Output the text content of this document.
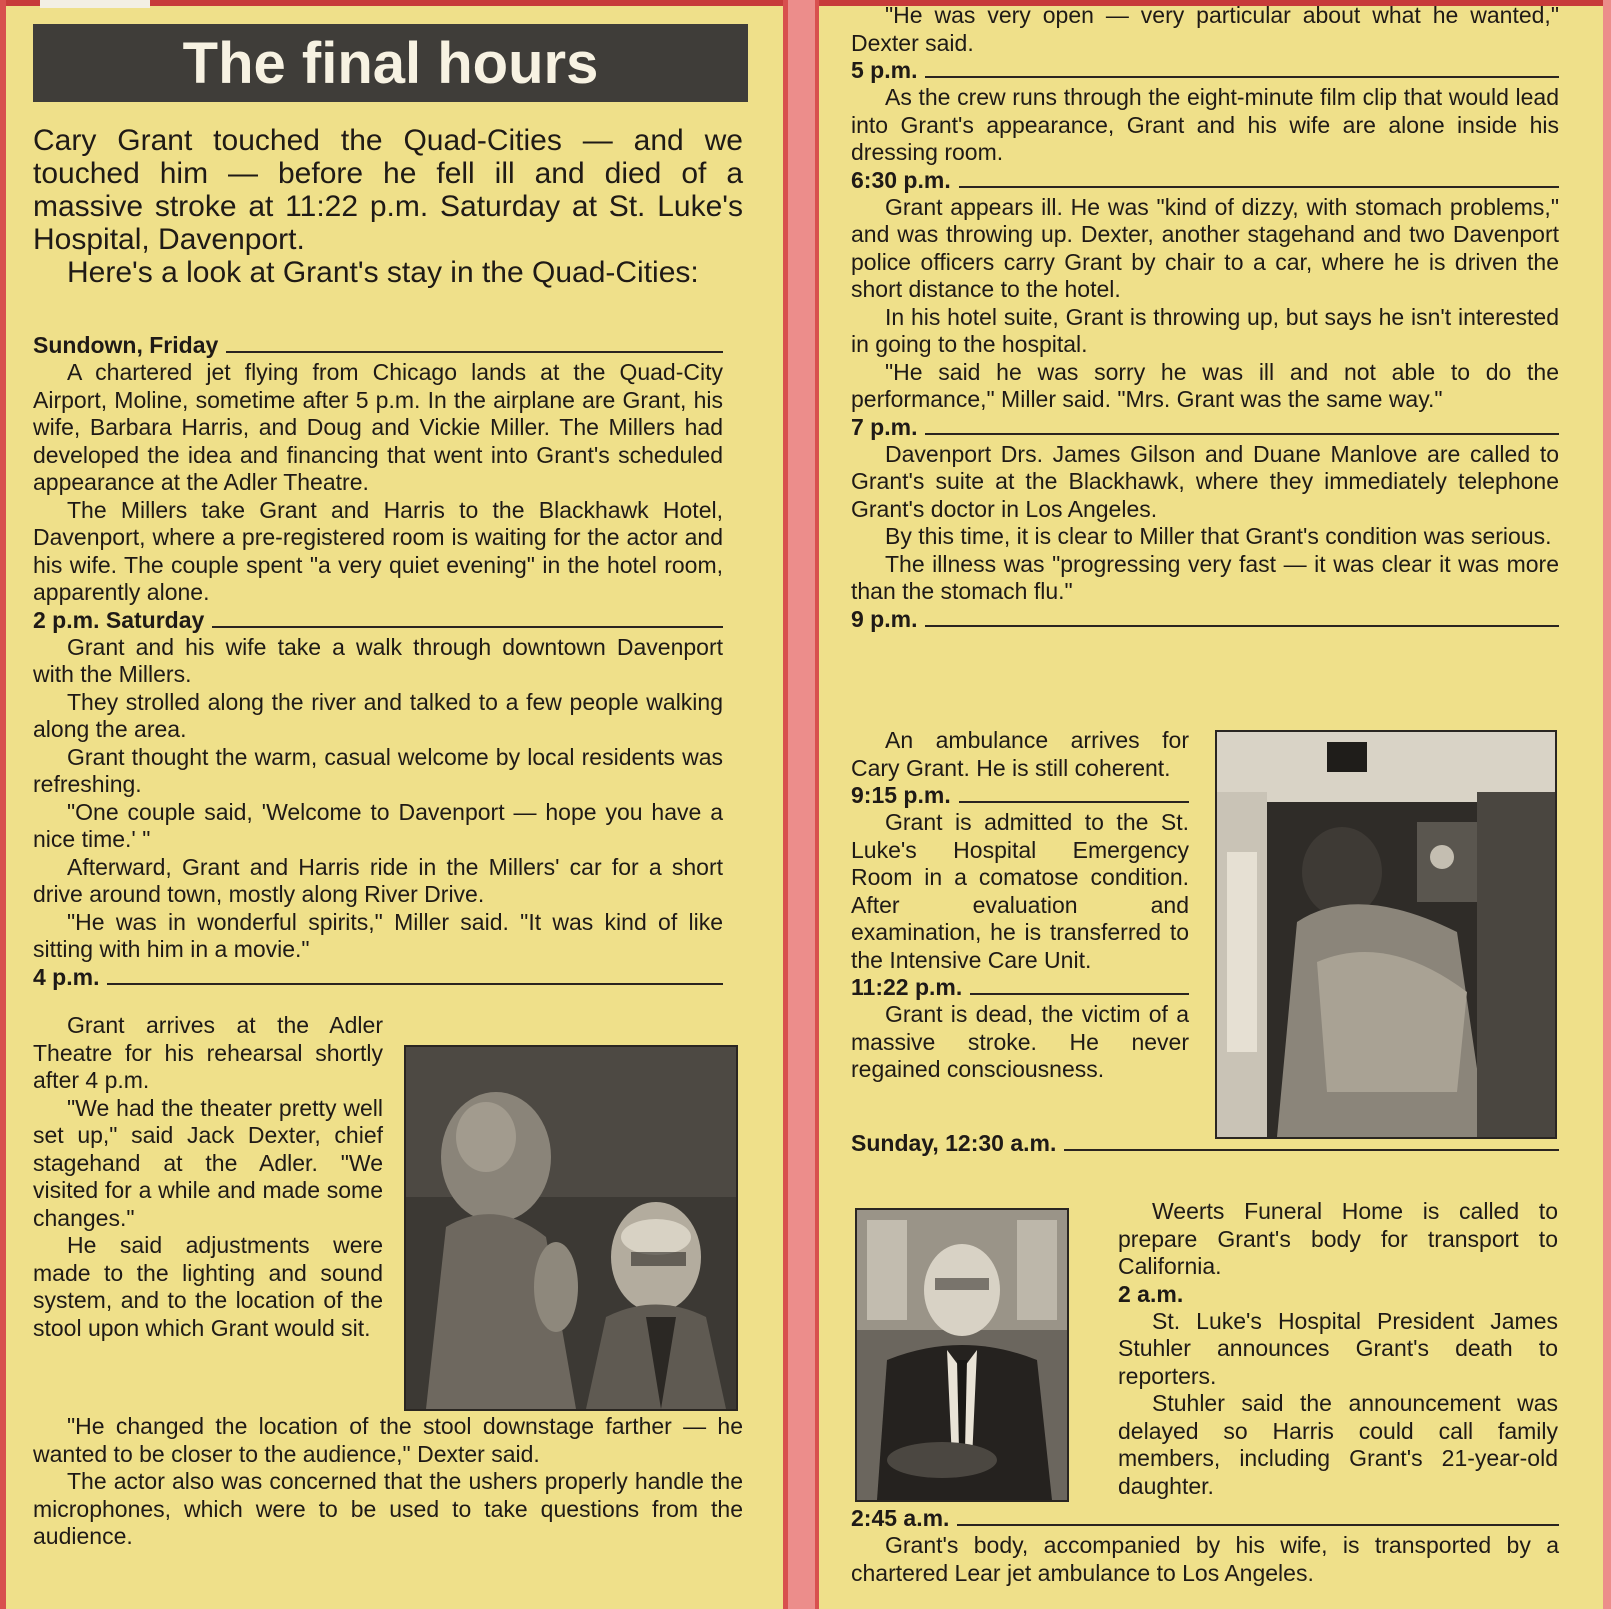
The final hours

Cary Grant touched the Quad-Cities — and we touched him — before he fell ill and died of a massive stroke at 11:22 p.m. Saturday at St. Luke's Hospital, Davenport.

Here's a look at Grant's stay in the Quad-Cities:

Sundown, Friday

A chartered jet flying from Chicago lands at the Quad-City Airport, Moline, sometime after 5 p.m. In the airplane are Grant, his wife, Barbara Harris, and Doug and Vickie Miller. The Millers had developed the idea and financing that went into Grant's scheduled appearance at the Adler Theatre.

The Millers take Grant and Harris to the Blackhawk Hotel, Davenport, where a pre-registered room is waiting for the actor and his wife. The couple spent "a very quiet evening" in the hotel room, apparently alone.

2 p.m. Saturday

Grant and his wife take a walk through downtown Davenport with the Millers.

They strolled along the river and talked to a few people walking along the area.

Grant thought the warm, casual welcome by local residents was refreshing.

"One couple said, 'Welcome to Davenport — hope you have a nice time.' "

Afterward, Grant and Harris ride in the Millers' car for a short drive around town, mostly along River Drive.

"He was in wonderful spirits," Miller said. "It was kind of like sitting with him in a movie."

4 p.m.

Grant arrives at the Adler Theatre for his rehearsal shortly after 4 p.m.

"We had the theater pretty well set up," said Jack Dexter, chief stagehand at the Adler. "We visited for a while and made some changes."

He said adjustments were made to the lighting and sound system, and to the location of the stool upon which Grant would sit.

"He changed the location of the stool downstage farther — he wanted to be closer to the audience," Dexter said.

The actor also was concerned that the ushers properly handle the microphones, which were to be used to take questions from the audience.

"He was very open — very particular about what he wanted," Dexter said.

5 p.m.

As the crew runs through the eight-minute film clip that would lead into Grant's appearance, Grant and his wife are alone inside his dressing room.

6:30 p.m.

Grant appears ill. He was "kind of dizzy, with stomach problems," and was throwing up. Dexter, another stagehand and two Davenport police officers carry Grant by chair to a car, where he is driven the short distance to the hotel.

In his hotel suite, Grant is throwing up, but says he isn't interested in going to the hospital.

"He said he was sorry he was ill and not able to do the performance," Miller said. "Mrs. Grant was the same way."

7 p.m.

Davenport Drs. James Gilson and Duane Manlove are called to Grant's suite at the Blackhawk, where they immediately telephone Grant's doctor in Los Angeles.

By this time, it is clear to Miller that Grant's condition was serious.

The illness was "progressing very fast — it was clear it was more than the stomach flu."

9 p.m.

An ambulance arrives for Cary Grant. He is still coherent.

9:15 p.m.

Grant is admitted to the St. Luke's Hospital Emergency Room in a comatose condition. After evaluation and examination, he is transferred to the Intensive Care Unit.

11:22 p.m.

Grant is dead, the victim of a massive stroke. He never regained consciousness.

Sunday, 12:30 a.m.

Weerts Funeral Home is called to prepare Grant's body for transport to California.

2 a.m.

St. Luke's Hospital President James Stuhler announces Grant's death to reporters.

Stuhler said the announcement was delayed so Harris could call family members, including Grant's 21-year-old daughter.

2:45 a.m.

Grant's body, accompanied by his wife, is transported by a chartered Lear jet ambulance to Los Angeles.
